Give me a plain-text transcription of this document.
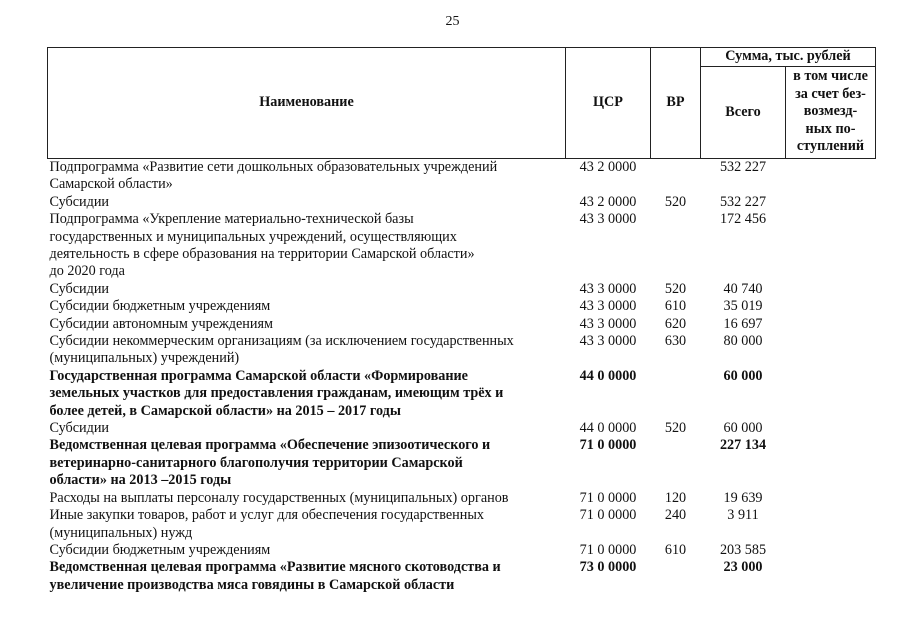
25
Наименование	ЦСР	ВР	Сумма, тыс. рублей	
			Всего	в том числе
за счет без-
возмезд-
ных по-
ступлений

Подпрограмма «Развитие сети дошкольных образовательных учреждений
Самарской области»	43 2 0000		532 227	

Субсидии	43 2 0000	520	532 227	

Подпрограмма «Укрепление материально-технической базы
государственных и муниципальных учреждений, осуществляющих
деятельность в сфере образования на территории Самарской области»
до 2020 года	43 3 0000		172 456	

Субсидии	43 3 0000	520	40 740	

Субсидии бюджетным учреждениям	43 3 0000	610	35 019	

Субсидии автономным учреждениям	43 3 0000	620	16 697	

Субсидии некоммерческим организациям (за исключением государственных
(муниципальных) учреждений)	43 3 0000	630	80 000	

Государственная программа Самарской области «Формирование
земельных участков для предоставления гражданам, имеющим трёх и
более детей, в Самарской области» на 2015 – 2017 годы	44 0 0000		60 000	

Субсидии	44 0 0000	520	60 000	

Ведомственная целевая программа «Обеспечение эпизоотического и
ветеринарно-санитарного благополучия территории Самарской
области» на 2013 –2015 годы	71 0 0000		227 134	

Расходы на выплаты персоналу государственных (муниципальных) органов	71 0 0000	120	19 639	

Иные закупки товаров, работ и услуг для обеспечения государственных
(муниципальных) нужд	71 0 0000	240	3 911	

Субсидии бюджетным учреждениям	71 0 0000	610	203 585	

Ведомственная целевая программа «Развитие мясного скотоводства и
увеличение производства мяса говядины в Самарской области	73 0 0000		23 000	
